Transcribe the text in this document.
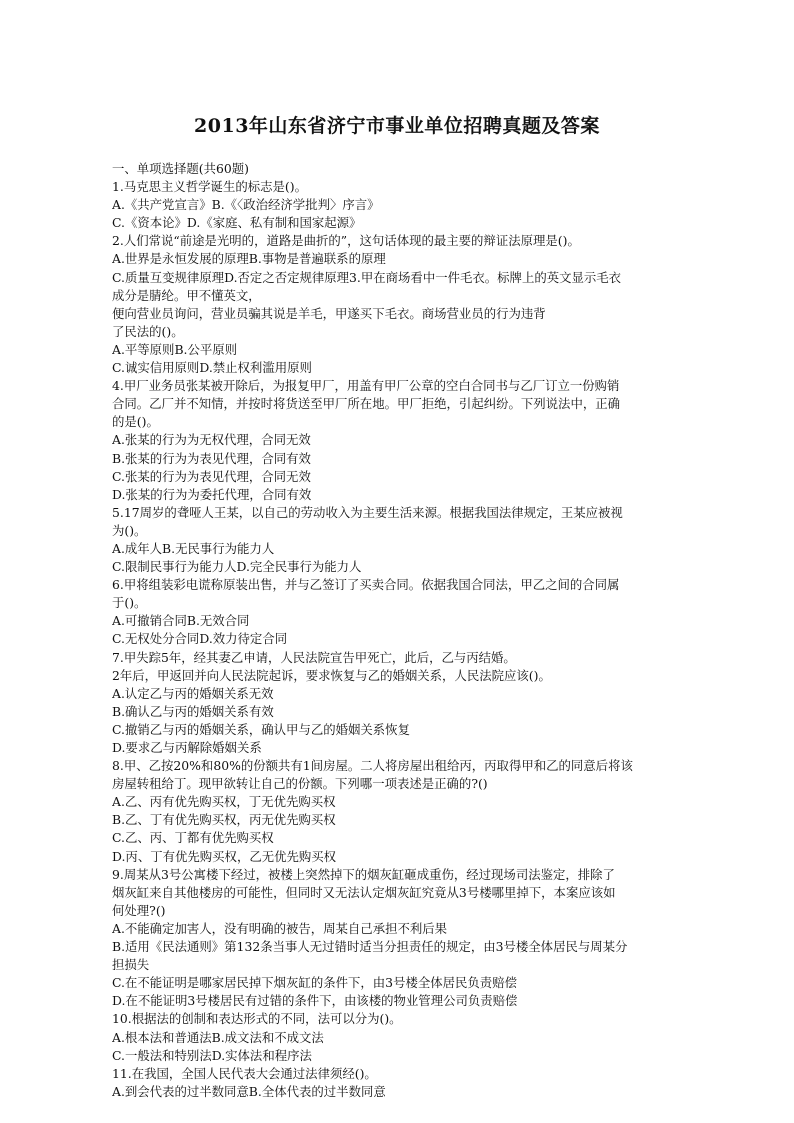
2013年山东省济宁市事业单位招聘真题及答案
一、单项选择题(共60题)
1.马克思主义哲学诞生的标志是()。
A.《共产党宣言》B.《〈政治经济学批判〉序言》
C.《资本论》D.《家庭、私有制和国家起源》
2.人们常说“前途是光明的，道路是曲折的”，这句话体现的最主要的辩证法原理是()。
A.世界是永恒发展的原理B.事物是普遍联系的原理
C.质量互变规律原理D.否定之否定规律原理3.甲在商场看中一件毛衣。标牌上的英文显示毛衣
成分是腈纶。甲不懂英文，
便向营业员询问，营业员骗其说是羊毛，甲遂买下毛衣。商场营业员的行为违背
了民法的()。
A.平等原则B.公平原则
C.诚实信用原则D.禁止权利滥用原则
4.甲厂业务员张某被开除后，为报复甲厂，用盖有甲厂公章的空白合同书与乙厂订立一份购销
合同。乙厂并不知情，并按时将货送至甲厂所在地。甲厂拒绝，引起纠纷。下列说法中，正确
的是()。
A.张某的行为为无权代理，合同无效
B.张某的行为为表见代理，合同有效
C.张某的行为为表见代理，合同无效
D.张某的行为为委托代理，合同有效
5.17周岁的聋哑人王某，以自己的劳动收入为主要生活来源。根据我国法律规定，王某应被视
为()。
A.成年人B.无民事行为能力人
C.限制民事行为能力人D.完全民事行为能力人
6.甲将组装彩电谎称原装出售，并与乙签订了买卖合同。依据我国合同法，甲乙之间的合同属
于()。
A.可撤销合同B.无效合同
C.无权处分合同D.效力待定合同
7.甲失踪5年，经其妻乙申请，人民法院宣告甲死亡，此后，乙与丙结婚。
2年后，甲返回并向人民法院起诉，要求恢复与乙的婚姻关系，人民法院应该()。
A.认定乙与丙的婚姻关系无效
B.确认乙与丙的婚姻关系有效
C.撤销乙与丙的婚姻关系，确认甲与乙的婚姻关系恢复
D.要求乙与丙解除婚姻关系
8.甲、乙按20%和80%的份额共有1间房屋。二人将房屋出租给丙，丙取得甲和乙的同意后将该
房屋转租给丁。现甲欲转让自己的份额。下列哪一项表述是正确的?()
A.乙、丙有优先购买权，丁无优先购买权
B.乙、丁有优先购买权，丙无优先购买权
C.乙、丙、丁都有优先购买权
D.丙、丁有优先购买权，乙无优先购买权
9.周某从3号公寓楼下经过，被楼上突然掉下的烟灰缸砸成重伤，经过现场司法鉴定，排除了
烟灰缸来自其他楼房的可能性，但同时又无法认定烟灰缸究竟从3号楼哪里掉下，本案应该如
何处理?()
A.不能确定加害人，没有明确的被告，周某自己承担不利后果
B.适用《民法通则》第132条当事人无过错时适当分担责任的规定，由3号楼全体居民与周某分
担损失
C.在不能证明是哪家居民掉下烟灰缸的条件下，由3号楼全体居民负责赔偿
D.在不能证明3号楼居民有过错的条件下，由该楼的物业管理公司负责赔偿
10.根据法的创制和表达形式的不同，法可以分为()。
A.根本法和普通法B.成文法和不成文法
C.一般法和特别法D.实体法和程序法
11.在我国，全国人民代表大会通过法律须经()。
A.到会代表的过半数同意B.全体代表的过半数同意
